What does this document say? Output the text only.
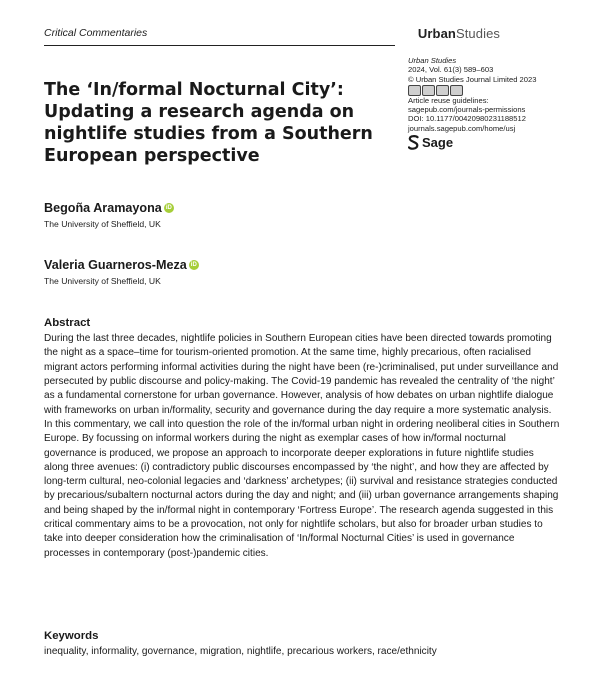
Critical Commentaries	UrbanStudies
The ‘In/formal Nocturnal City’: Updating a research agenda on nightlife studies from a Southern European perspective
Urban Studies
2024, Vol. 61(3) 589–603
© Urban Studies Journal Limited 2023
Article reuse guidelines:
sagepub.com/journals-permissions
DOI: 10.1177/00420980231188512
journals.sagepub.com/home/usj
Sage
Begoña Aramayona iD
The University of Sheffield, UK
Valeria Guarneros-Meza iD
The University of Sheffield, UK
Abstract

During the last three decades, nightlife policies in Southern European cities have been directed towards promoting the night as a space–time for tourism-oriented promotion. At the same time, highly precarious, often racialised migrant actors performing informal activities during the night have been (re-)criminalised, put under surveillance and persecuted by public discourse and policy-making. The Covid-19 pandemic has revealed the centrality of ‘the night’ as a fundamental cornerstone for urban governance. However, analysis of how debates on urban nightlife dialogue with frameworks on urban in/formality, security and governance during the day require a more systematic analysis. In this commentary, we call into question the role of the in/formal urban night in ordering neoliberal cities in Southern Europe. By focussing on informal workers during the night as exemplar cases of how in/formal nocturnal governance is produced, we propose an approach to incorporate deeper explorations in future nightlife studies along three avenues: (i) contradictory public discourses encompassed by ‘the night’, and how they are affected by long-term cultural, neo-colonial legacies and ‘darkness’ archetypes; (ii) survival and resistance strategies conducted by precarious/subaltern nocturnal actors during the day and night; and (iii) urban governance arrangements shaping and being shaped by the in/formal night in contemporary ‘Fortress Europe’. The research agenda suggested in this critical commentary aims to be a provocation, not only for nightlife scholars, but also for broader urban studies to take into deeper consideration how the criminalisation of ‘In/formal Nocturnal Cities’ is used in governance processes in contemporary (post-)pandemic cities.

Keywords
inequality, informality, governance, migration, nightlife, precarious workers, race/ethnicity
